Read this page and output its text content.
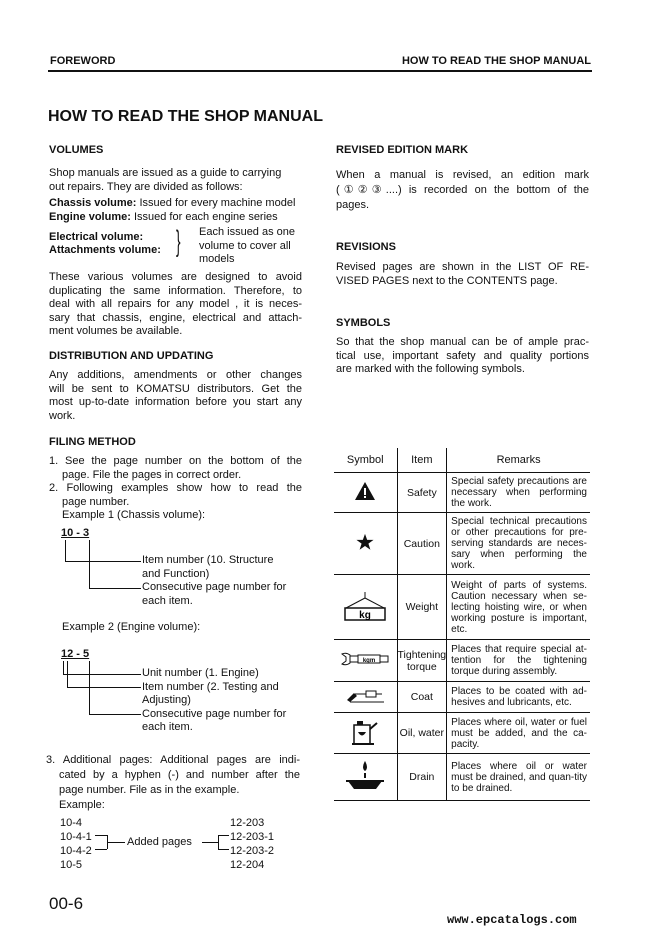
FOREWORD	HOW TO READ THE SHOP MANUAL
HOW TO READ THE SHOP MANUAL
VOLUMES
Shop manuals are issued as a guide to carrying
out repairs. They are divided as follows:
Chassis volume: Issued for every machine model
Engine volume: Issued for each engine series
Electrical volume:
Attachments volume: } Each issued as one
volume to cover all
models
These various volumes are designed to avoid
duplicating the same information. Therefore, to
deal with all repairs for any model , it is neces-
sary that chassis, engine, electrical and attach-
ment volumes be available.
DISTRIBUTION AND UPDATING
Any additions, amendments or other changes
will be sent to KOMATSU distributors. Get the
most up-to-date information before you start any
work.
FILING METHOD
1. See the page number on the bottom of the
page. File the pages in correct order.
2. Following examples show how to read the
page number.
Example 1 (Chassis volume):
10 - 3
Item number (10. Structure
and Function)
Consecutive page number for
each item.
Example 2 (Engine volume):
12 - 5
Unit number (1. Engine)
Item number (2. Testing and
Adjusting)
Consecutive page number for
each item.
3. Additional pages: Additional pages are indi-
cated by a hyphen (-) and number after the
page number. File as in the example.
Example:
10-4
10-4-1
10-4-2
10-5
Added pages
12-203
12-203-1
12-203-2
12-204
REVISED EDITION MARK
When a manual is revised, an edition mark
(①②③....) is recorded on the bottom of the
pages.
REVISIONS
Revised pages are shown in the LIST OF RE-
VISED PAGES next to the CONTENTS page.
SYMBOLS
So that the shop manual can be of ample prac-
tical use, important safety and quality portions
are marked with the following symbols.
Symbol	Item	Remarks
	Safety	Special safety precautions are necessary when performing the work.
	Caution	Special technical precautions or other precautions for pre-serving standards are neces-sary when performing the work.

kg	Weight	Weight of parts of systems. Caution necessary when se-lecting hoisting wire, or when working posture is important, etc.

kgm	Tightening
torque	Places that require special at-tention for the tightening torque during assembly.
	Coat	Places to be coated with ad-hesives and lubricants, etc.
	Oil, water	Places where oil, water or fuel must be added, and the ca-pacity.
	Drain	Places where oil or water must be drained, and quan-tity to be drained.
00-6
www.epcatalogs.com
